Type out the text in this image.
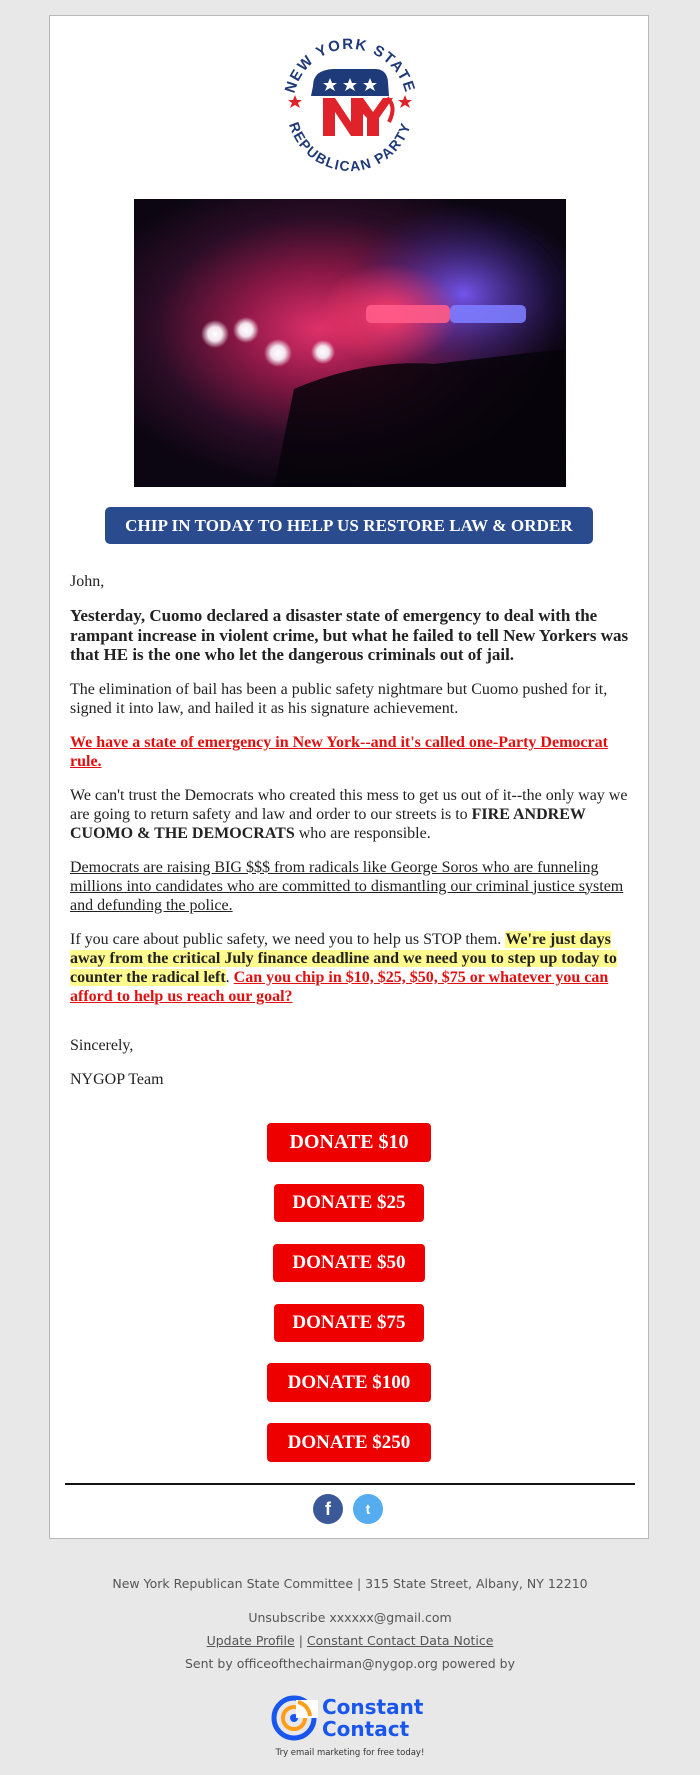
NEW YORK STATE
REPUBLICAN PARTY
CHIP IN TODAY TO HELP US RESTORE LAW & ORDER

John,

Yesterday, Cuomo declared a disaster state of emergency to deal with the rampant increase in violent crime, but what he failed to tell New Yorkers was that HE is the one who let the dangerous criminals out of jail.

The elimination of bail has been a public safety nightmare but Cuomo pushed for it, signed it into law, and hailed it as his signature achievement.

We have a state of emergency in New York--and it's called one-Party Democrat rule.

We can't trust the Democrats who created this mess to get us out of it--the only way we are going to return safety and law and order to our streets is to FIRE ANDREW CUOMO & THE DEMOCRATS who are responsible.

Democrats are raising BIG $$$ from radicals like George Soros who are funneling millions into candidates who are committed to dismantling our criminal justice system and defunding the police.

If you care about public safety, we need you to help us STOP them. We're just days away from the critical July finance deadline and we need you to step up today to counter the radical left. Can you chip in $10, $25, $50, $75 or whatever you can afford to help us reach our goal?

Sincerely,

NYGOP Team

DONATE $10
DONATE $25
DONATE $50
DONATE $75
DONATE $100
DONATE $250
f	t
New York Republican State Committee | 315 State Street, Albany, NY 12210
Unsubscribe xxxxxx@gmail.com
Update Profile | Constant Contact Data Notice
Sent by officeofthechairman@nygop.org powered by
Constant
Contact
Try email marketing for free today!
